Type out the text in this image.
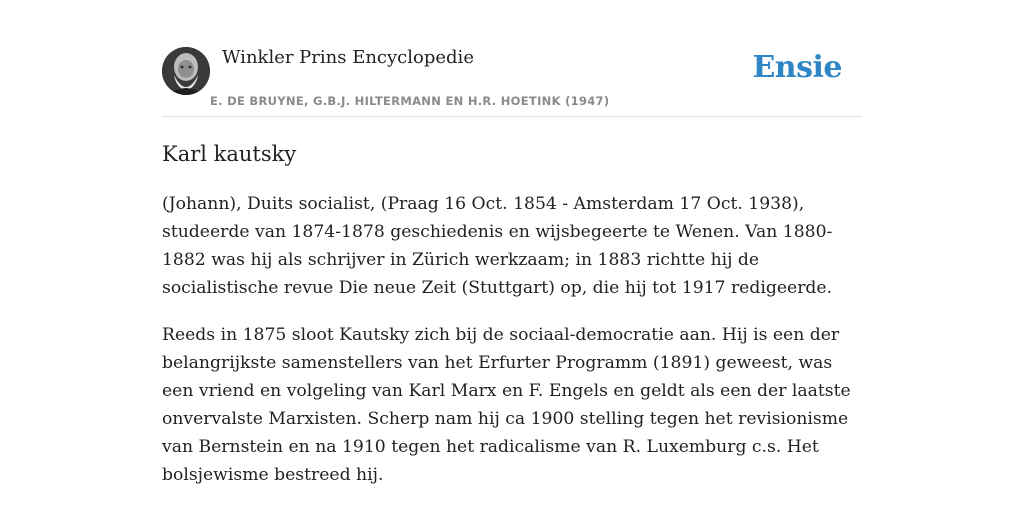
Winkler Prins Encyclopedie
E. DE BRUYNE, G.B.J. HILTERMANN EN H.R. HOETINK (1947)
Ensie
Karl kautsky

(Johann), Duits socialist, (Praag 16 Oct. 1854 - Amsterdam 17 Oct. 1938), studeerde van 1874-1878 geschiedenis en wijsbegeerte te Wenen. Van 1880-1882 was hij als schrijver in Zürich werkzaam; in 1883 richtte hij de socialistische revue Die neue Zeit (Stuttgart) op, die hij tot 1917 redigeerde.

Reeds in 1875 sloot Kautsky zich bij de sociaal-democratie aan. Hij is een der belangrijkste samenstellers van het Erfurter Programm (1891) geweest, was een vriend en volgeling van Karl Marx en F. Engels en geldt als een der laatste onvervalste Marxisten. Scherp nam hij ca 1900 stelling tegen het revisionisme van Bernstein en na 1910 tegen het radicalisme van R. Luxemburg c.s. Het bolsjewisme bestreed hij.
